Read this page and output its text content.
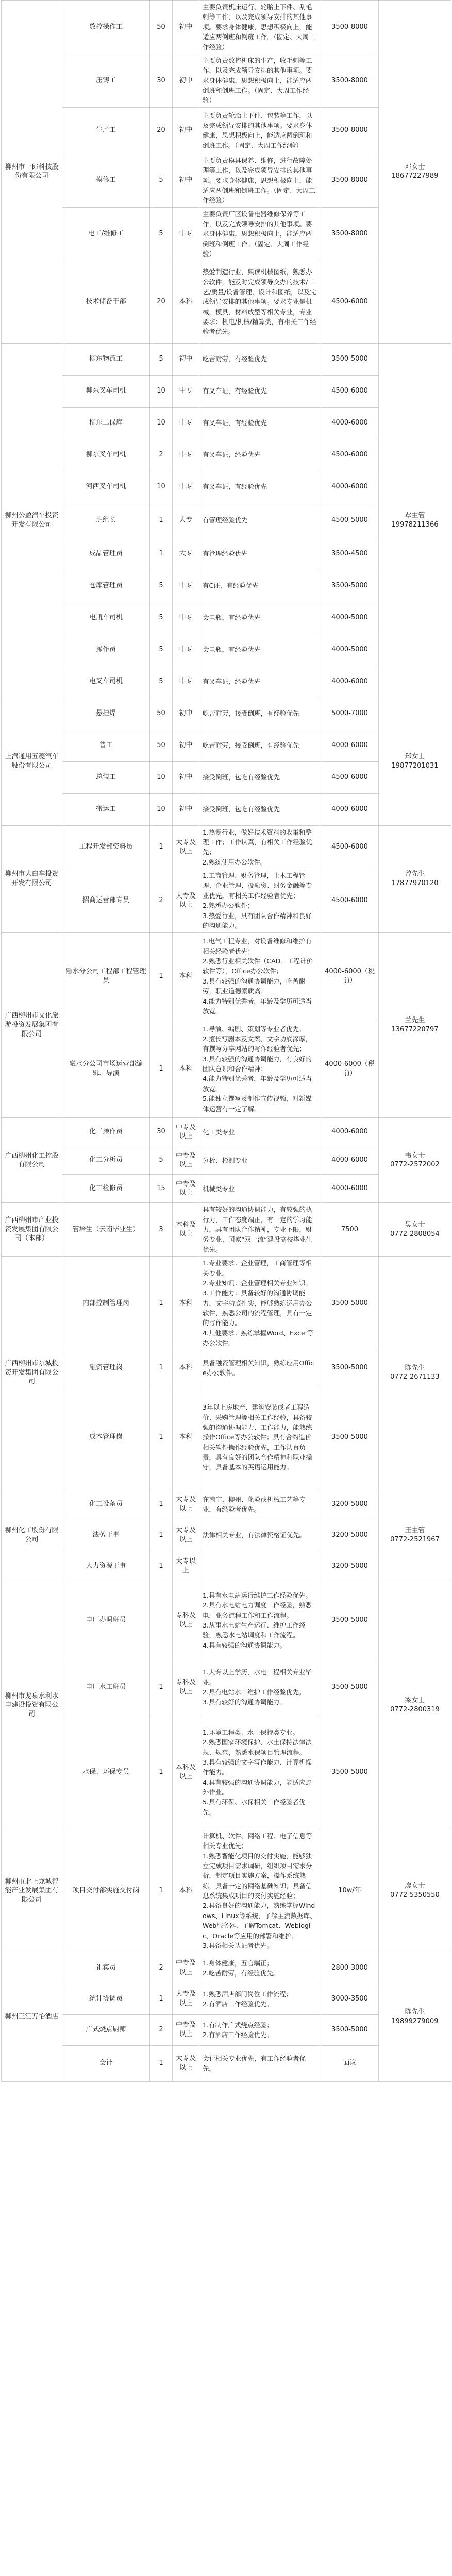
柳州市一郎科技股份有限公司	数控操作工	50	初中	主要负责机床运行、轮胎上下件、刮毛刺等工作，以及完成领导安排的其他事项。要求身体健康，思想积极向上，能适应两倒班和倒班工作。（固定、大周工作经验）	3500-8000	邓女士
18677227989
	压铸工	30	初中	主要负责数控机床的生产，收毛刺等工作，以及完成领导安排的其他事项。要求身体健康，思想积极向上，能适应两倒班和倒班工作。（固定、大周工作经验）	3500-8000	
	生产工	20	初中	主要负责轮胎上下件、包装等工作，以及完成领导安排的其他事项。要求身体健康，思想积极向上，能适应两倒班和倒班工作。（固定、大周工作经验）	3500-8000	
	模修工	5	初中	主要负责模具保养、维修，进行故障处理等工作，以及完成领导安排的其他事项。要求身体健康，思想积极向上，能适应两倒班和倒班工作。（固定、大周工作经验）	3500-8000	
	电工/维修工	5	中专	主要负责厂区设备电器维修保养等工作，以及完成领导安排的其他事项。要求身体健康，思想积极向上，能适应两倒班和倒班工作。（固定、大周工作经验）	3500-8000	
	技术储备干部	20	本科	热爱制造行业，熟读机械图纸，熟悉办公软件，能及时完成领导交办的技术/工艺/质量/设备管理，设计和图纸，以及完成领导安排的其他事项。要求专业是机械，模具，材料成型等相关专业，专业要求：机电/机械/精算类，有相关工作经验者优先。	4500-6000	
柳州公盈汽车投资开发有限公司	柳东物流工	5	初中	吃苦耐劳，有经验优先	3500-5000	覃主管
19978211366
	柳东叉车司机	10	中专	有叉车证，有经验优先	4500-6000	
	柳东二保库	10	中专	有叉车证，有经验优先	4000-6000	
	柳东叉车司机	2	中专	有叉车证，经验优先	4500-6000	
	河西叉车司机	10	中专	有叉车证，有经验优先	4000-6000	
	班组长	1	大专	有管理经验优先	4500-5000	
	成品管理员	1	大专	有管理经验优先	3500-4500	
	仓库管理员	5	中专	有C证，有经验优先	3500-5000	
	电瓶车司机	5	中专	会电瓶，有经验优先	4000-5000	
	操作员	5	中专	会电瓶，有经验优先	4000-5000	
	电叉车司机	5	中专	有叉车证，经验优先	4000-6000	
上汽通用五菱汽车股份有限公司	悬挂焊	50	初中	吃苦耐劳，接受倒班，有经验优先	5000-7000	郑女士
19877201031
	普工	50	初中	吃苦耐劳，接受倒班，有经验优先	4000-6000	
	总装工	10	初中	接受倒班，包吃有经验优先	4500-6000	
	搬运工	10	初中	接受倒班，包吃有经验优先	4000-6000	
柳州市大白车投资开发有限公司	工程开发部资料员	1	大专及以上	1.热爱行业，做好技术资料的收集和整理工作；工作认真，有相关工作经验优先；
2.熟练使用办公软件。	4500-6000	曾先生
17877970120
	招商运营部专员	2	大专及以上	1.工商管理、财务管理，土木工程管理、企业管理、投融资、财务金融等专业优先，有相关工作经验者优先；
2.熟悉办公软件；
3.热爱行业，具有团队合作精神和良好的沟通能力。	4500-6000	
广西柳州市文化旅游投资发展集团有限公司	融水分公司工程部工程管理员	1	本科	1.电气工程专业，对设备维修和维护有相关经验者优先；
2.熟悉行业相关软件（CAD、工程计价软件等），Office办公软件；
3.具有较强的沟通协调能力，吃苦耐劳，职业道德素质高；
4.能力特别优秀者，年龄及学历可适当放宽。	4000-6000（税前）	兰先生
13677220797
	融水分公司市场运营部编辑、导演	1	本科	1.导演、编剧、策划等专业者优先；
2.擅长写剧本及文案、文字功底深厚，有撰写分享网站的写作经验者优先；
3.具有较强的沟通协调能力，有良好的团队意识和合作精神；
4.能力特别优秀者，年龄及学历可适当放宽。
5.能独立撰写及制作宣传视频，对新媒体运营有一定了解。	4000-6000（税前）	
广西柳州化工控股有限公司	化工操作员	30	中专及以上	化工类专业	4000-6000	韦女士
0772-2572002
	化工分析员	5	中专及以上	分析、检测专业	4000-6000	
	化工检修员	15	中专及以上	机械类专业	4000-6000	
广西柳州市产业投资发展集团有限公司（本部）	管培生（云南毕业生）	3	本科及以上	具有较好的沟通协调能力，有较强的执行力，工作态度端正，有一定的学习能力，具有团队合作精神，专业不限，财务专业、国家“双一流”建设高校毕业生优先。	7500	吴女士
0772-2808054
广西柳州市东城投资开发集团有限公司	内部控制管理岗	1	本科	1.专业要求：企业管理，工商管理等相关专业。
2.专业知识：企业管理相关专业知识。
3.工作能力：具备较好的沟通协调能力，文字功底扎实，能够熟练运用办公软件，熟悉公司的流程管理，具有一定的写作能力。
4.其他要求：熟练掌握Word、Excel等办公软件。	3500-5000	陈先生
0772-2671133
	融资管理岗	1	本科	具备融资管理相关知识，熟练应用Office办公软件。	3500-5000	
	成本管理岗	1	本科	3年以上房地产、建筑安装或者工程造价、采购管理等相关工作经验，具备较强的沟通协调能力、工作能力，能熟练操作Office等办公软件；具有合约造价相关软件操作经验优先，工作认真负责，具有良好的团队合作精神和职业操守，具备基本的英语运用能力。	3500-5000	
柳州化工股份有限公司	化工设备员	1	大专及以上	在南宁、柳州、化验或机械工艺等专业，有经验者优先。	3200-5000	王主管
0772-2521967
	法务干事	1	大专及以上	法律相关专业，有法律资格证优先。	3200-5000	
	人力资源干事	1	大专以上		3200-5000	
柳州市龙泉水利水电建设投资有限公司	电厂办调班员		专科及以上	1.具有水电站运行维护工作经验优先。
2.具有水电站电力调度工作经验，熟悉电厂业务流程工作和工作流程。
3.从事水电站生产运行、维护工作经验，熟悉水电站调度和工作流程。
4.具有较强的沟通协调能力。	3500-5000	梁女士
0772-2800319
	电厂水工班员	1	专科及以上	1.大专以上学历，水电工程相关专业毕业。
2.具有电站水工维护工作经验优先。
3.具有较好的沟通协调能力。	3500-5000	
	水保、环保专员	1	本科及以上	1.环境工程类、水土保持类专业。
2.熟悉国家环境保护、水土保持法律法规、规范，熟悉水保项目管理流程。
3.具有较强的文字写作能力、计算机操作能力。
4.具有较强的沟通协调能力，能适应野外作业。
5.具有环保、水保相关工作经验者优先。	3500-5000	
柳州市北上龙城智能产业发展集团有限公司	项目交付部实施交付岗	1	本科	计算机、软件、网络工程、电子信息等相关专业优先；
1.熟悉智能化项目的交付实施，能够独立完成项目需求调研，组织项目需求分析，制定项目实施方案，操作系统熟练，具备一定的网络基础知识，具备信息系统集成项目的交付实施经验；
2.具备良好的沟通能力，熟练掌握Windows、Linux等系统，了解主流数据库、Web服务器，了解Tomcat、Weblogic、Oracle等应用的部署和维护；
3.具备相关认证者优先。	10w/年	廖女士
0772-5350550
柳州三江万怡酒店	礼宾员	2	中专及以上	1.身体健康，五官端正；
2.吃苦耐劳，有经验优先。	2800-3000	陈先生
19899279009
	统计协调员	1	大专及以上	1.熟悉酒店部门岗位工作流程；
2.有酒店工作经验优先。	3000-3500	
	广式烧点厨师	2	中专及以上	1.有制作广式烧点经验；
2.有酒店工作经验优先。	3500-5000	
	会计	1	大专及以上	会计相关专业优先，有工作经验者优先。	面议	
